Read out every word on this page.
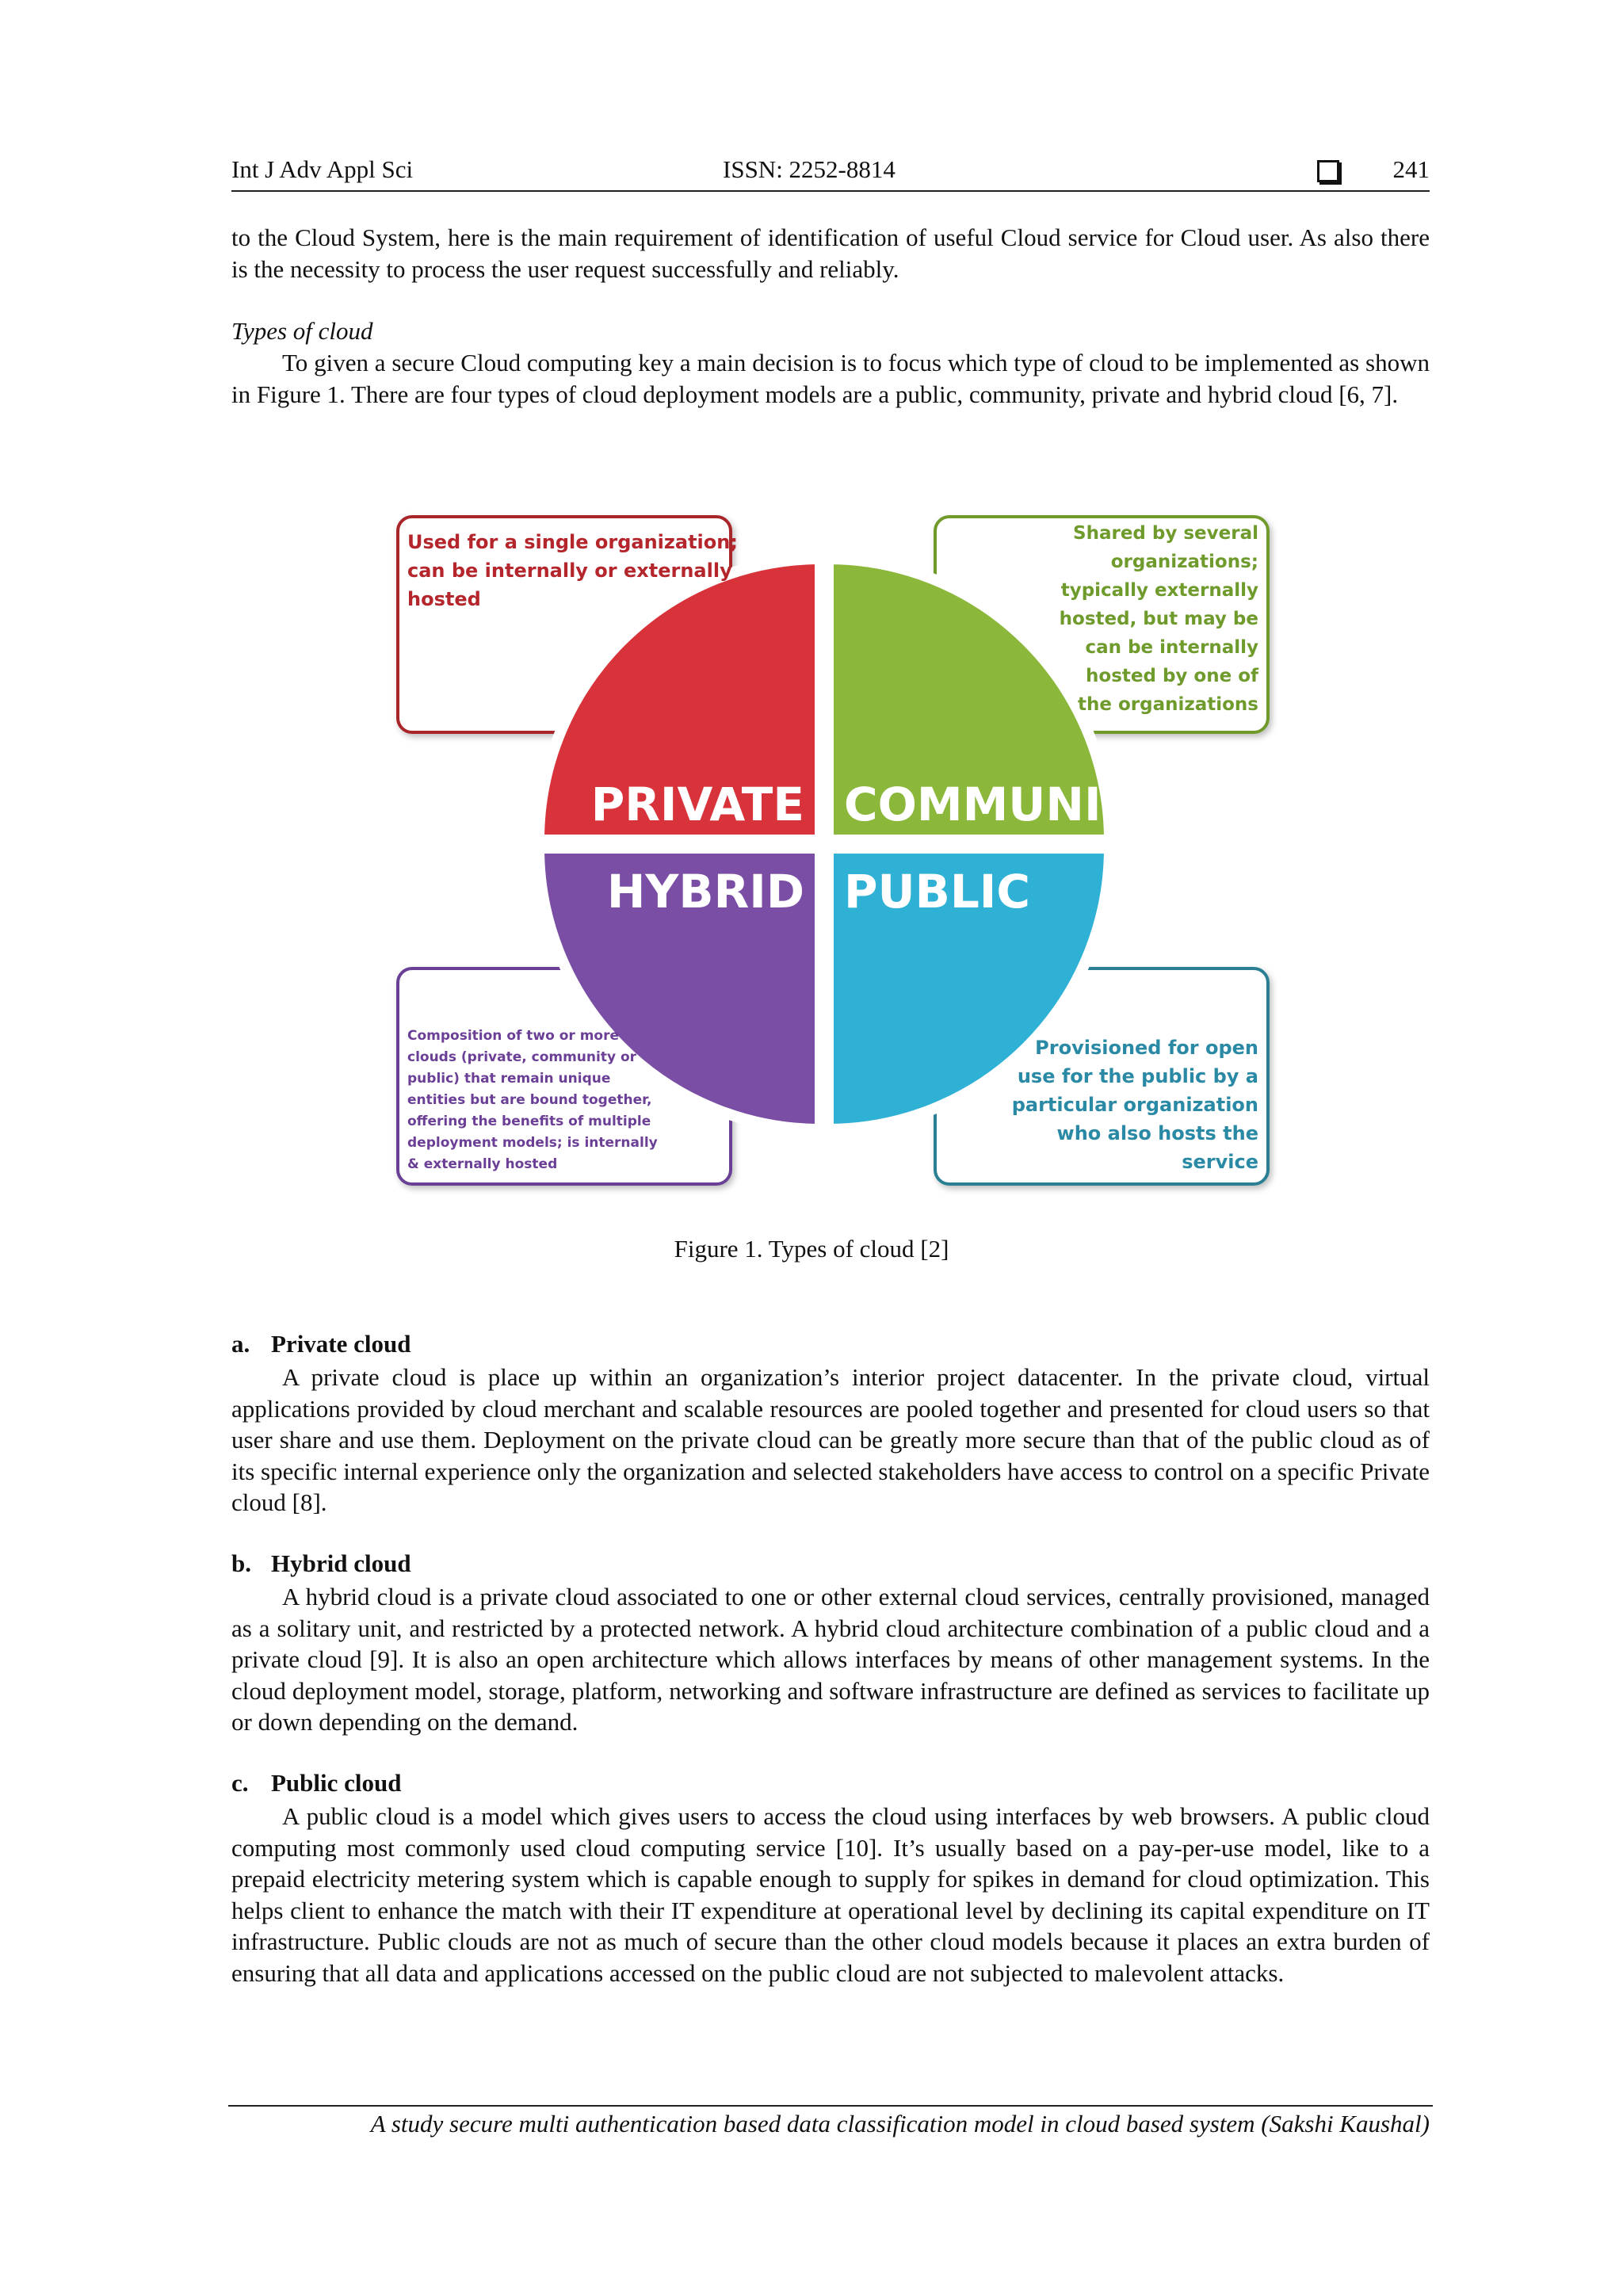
Int J Adv Appl Sci	ISSN: 2252-8814	241

to the Cloud System, here is the main requirement of identification of useful Cloud service for Cloud user. As also there is the necessity to process the user request successfully and reliably.

Types of cloud

To given a secure Cloud computing key a main decision is to focus which type of cloud to be implemented as shown in Figure 1. There are four types of cloud deployment models are a public, community, private and hybrid cloud [6, 7].

PRIVATE COMMUNITY
HYBRID PUBLIC
Used for a single organization;
can be internally or externally
hosted
Shared by several
organizations;
typically externally
hosted, but may be
can be internally
hosted by one of
the organizations
Composition of two or more
clouds (private, community or
public) that remain unique
entities but are bound together,
offering the benefits of multiple
deployment models; is internally
& externally hosted
Provisioned for open
use for the public by a
particular organization
who also hosts the
service
Figure 1. Types of cloud [2]
a. Private cloud

A private cloud is place up within an organization’s interior project datacenter. In the private cloud, virtual applications provided by cloud merchant and scalable resources are pooled together and presented for cloud users so that user share and use them. Deployment on the private cloud can be greatly more secure than that of the public cloud as of its specific internal experience only the organization and selected stakeholders have access to control on a specific Private cloud [8].

b. Hybrid cloud

A hybrid cloud is a private cloud associated to one or other external cloud services, centrally provisioned, managed as a solitary unit, and restricted by a protected network. A hybrid cloud architecture combination of a public cloud and a private cloud [9]. It is also an open architecture which allows interfaces by means of other management systems. In the cloud deployment model, storage, platform, networking and software infrastructure are defined as services to facilitate up or down depending on the demand.

c. Public cloud

A public cloud is a model which gives users to access the cloud using interfaces by web browsers. A public cloud computing most commonly used cloud computing service [10]. It’s usually based on a pay-per-use model, like to a prepaid electricity metering system which is capable enough to supply for spikes in demand for cloud optimization. This helps client to enhance the match with their IT expenditure at operational level by declining its capital expenditure on IT infrastructure. Public clouds are not as much of secure than the other cloud models because it places an extra burden of ensuring that all data and applications accessed on the public cloud are not subjected to malevolent attacks.

A study secure multi authentication based data classification model in cloud based system (Sakshi Kaushal)
